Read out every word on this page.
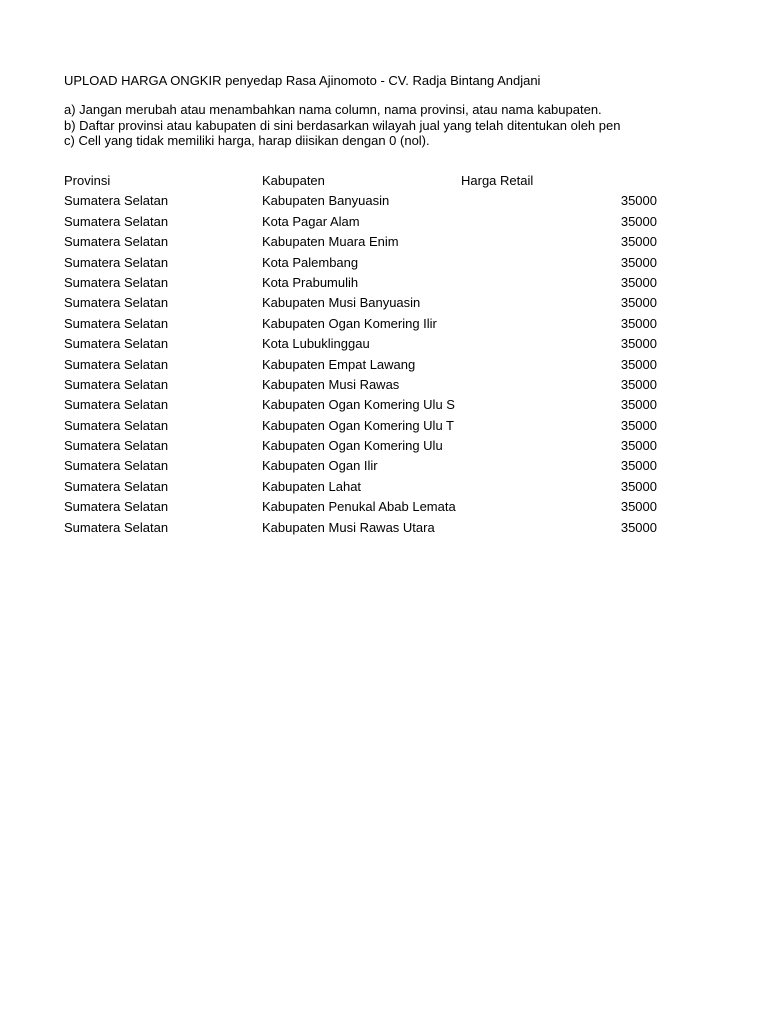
UPLOAD HARGA ONGKIR penyedap Rasa Ajinomoto - CV. Radja Bintang Andjani
a) Jangan merubah atau menambahkan nama column, nama provinsi, atau nama kabupaten.
b) Daftar provinsi atau kabupaten di sini berdasarkan wilayah jual yang telah ditentukan oleh pen
c) Cell yang tidak memiliki harga, harap diisikan dengan 0 (nol).
Provinsi	Kabupaten	Harga Retail
Sumatera Selatan	Kabupaten Banyuasin	35000
Sumatera Selatan	Kota Pagar Alam	35000
Sumatera Selatan	Kabupaten Muara Enim	35000
Sumatera Selatan	Kota Palembang	35000
Sumatera Selatan	Kota Prabumulih	35000
Sumatera Selatan	Kabupaten Musi Banyuasin	35000
Sumatera Selatan	Kabupaten Ogan Komering Ilir	35000
Sumatera Selatan	Kota Lubuklinggau	35000
Sumatera Selatan	Kabupaten Empat Lawang	35000
Sumatera Selatan	Kabupaten Musi Rawas	35000
Sumatera Selatan	Kabupaten Ogan Komering Ulu S	35000
Sumatera Selatan	Kabupaten Ogan Komering Ulu T	35000
Sumatera Selatan	Kabupaten Ogan Komering Ulu	35000
Sumatera Selatan	Kabupaten Ogan Ilir	35000
Sumatera Selatan	Kabupaten Lahat	35000
Sumatera Selatan	Kabupaten Penukal Abab Lemata	35000
Sumatera Selatan	Kabupaten Musi Rawas Utara	35000
